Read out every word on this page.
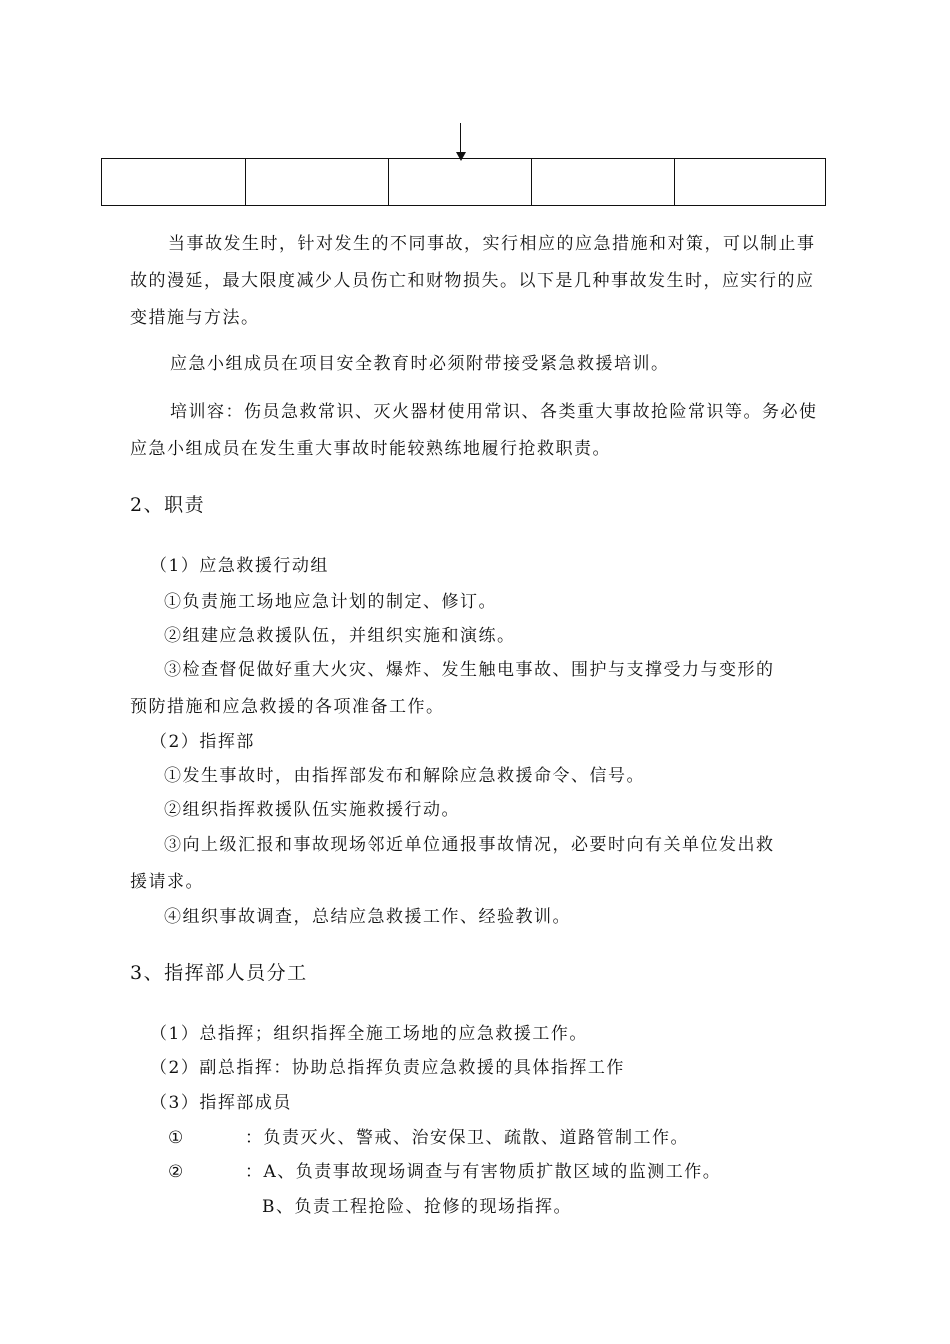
当事故发生时，针对发生的不同事故，实行相应的应急措施和对策，可以制止事

故的漫延，最大限度减少人员伤亡和财物损失。以下是几种事故发生时，应实行的应

变措施与方法。

应急小组成员在项目安全教育时必须附带接受紧急救援培训。

培训容：伤员急救常识、灭火器材使用常识、各类重大事故抢险常识等。务必使

应急小组成员在发生重大事故时能较熟练地履行抢救职责。

2、职责

（1）应急救援行动组

①负责施工场地应急计划的制定、修订。

②组建应急救援队伍，并组织实施和演练。

③检查督促做好重大火灾、爆炸、发生触电事故、围护与支撑受力与变形的

预防措施和应急救援的各项准备工作。

（2）指挥部

①发生事故时，由指挥部发布和解除应急救援命令、信号。

②组织指挥救援队伍实施救援行动。

③向上级汇报和事故现场邻近单位通报事故情况，必要时向有关单位发出救

援请求。

④组织事故调查，总结应急救援工作、经验教训。

3、指挥部人员分工

（1）总指挥；组织指挥全施工场地的应急救援工作。

（2）副总指挥：协助总指挥负责应急救援的具体指挥工作

（3）指挥部成员

①	：负责灭火、警戒、治安保卫、疏散、道路管制工作。

②	：A、负责事故现场调查与有害物质扩散区域的监测工作。

B、负责工程抢险、抢修的现场指挥。
